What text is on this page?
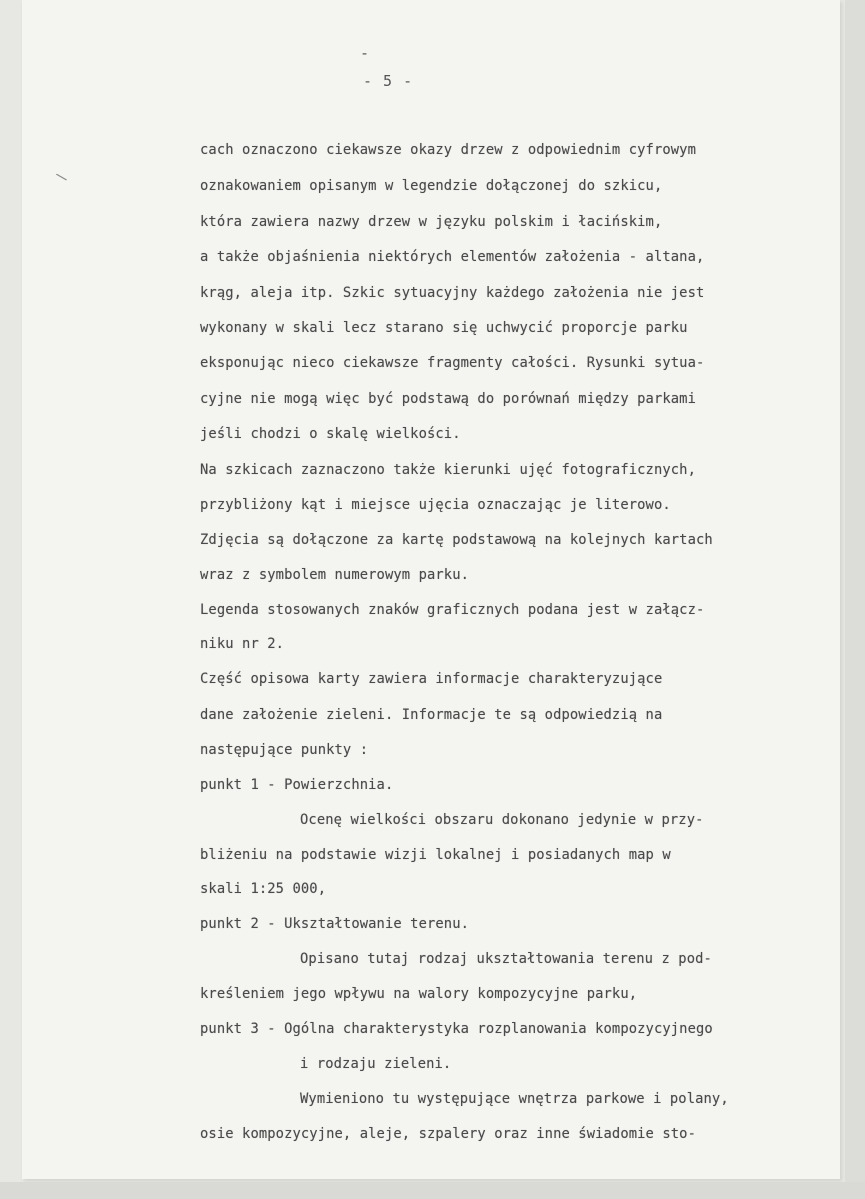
-
- 5 -
\
cach oznaczono ciekawsze okazy drzew z odpowiednim cyfrowym
oznakowaniem opisanym w legendzie dołączonej do szkicu,
która zawiera nazwy drzew w języku polskim i łacińskim,
a także objaśnienia niektórych elementów założenia - altana,
krąg, aleja itp. Szkic sytuacyjny każdego założenia nie jest
wykonany w skali lecz starano się uchwycić proporcje parku
eksponując nieco ciekawsze fragmenty całości. Rysunki sytua-
cyjne nie mogą więc być podstawą do porównań między parkami
jeśli chodzi o skalę wielkości.
Na szkicach zaznaczono także kierunki ujęć fotograficznych,
przybliżony kąt i miejsce ujęcia oznaczając je literowo.
Zdjęcia są dołączone za kartę podstawową na kolejnych kartach
wraz z symbolem numerowym parku.
Legenda stosowanych znaków graficznych podana jest w załącz-
niku nr 2.
Część opisowa karty zawiera informacje charakteryzujące
dane założenie zieleni. Informacje te są odpowiedzią na
następujące punkty :
punkt 1 - Powierzchnia.
Ocenę wielkości obszaru dokonano jedynie w przy-
bliżeniu na podstawie wizji lokalnej i posiadanych map w
skali 1:25 000,
punkt 2 - Ukształtowanie terenu.
Opisano tutaj rodzaj ukształtowania terenu z pod-
kreśleniem jego wpływu na walory kompozycyjne parku,
punkt 3 - Ogólna charakterystyka rozplanowania kompozycyjnego
i rodzaju zieleni.
Wymieniono tu występujące wnętrza parkowe i polany,
osie kompozycyjne, aleje, szpalery oraz inne świadomie sto-
